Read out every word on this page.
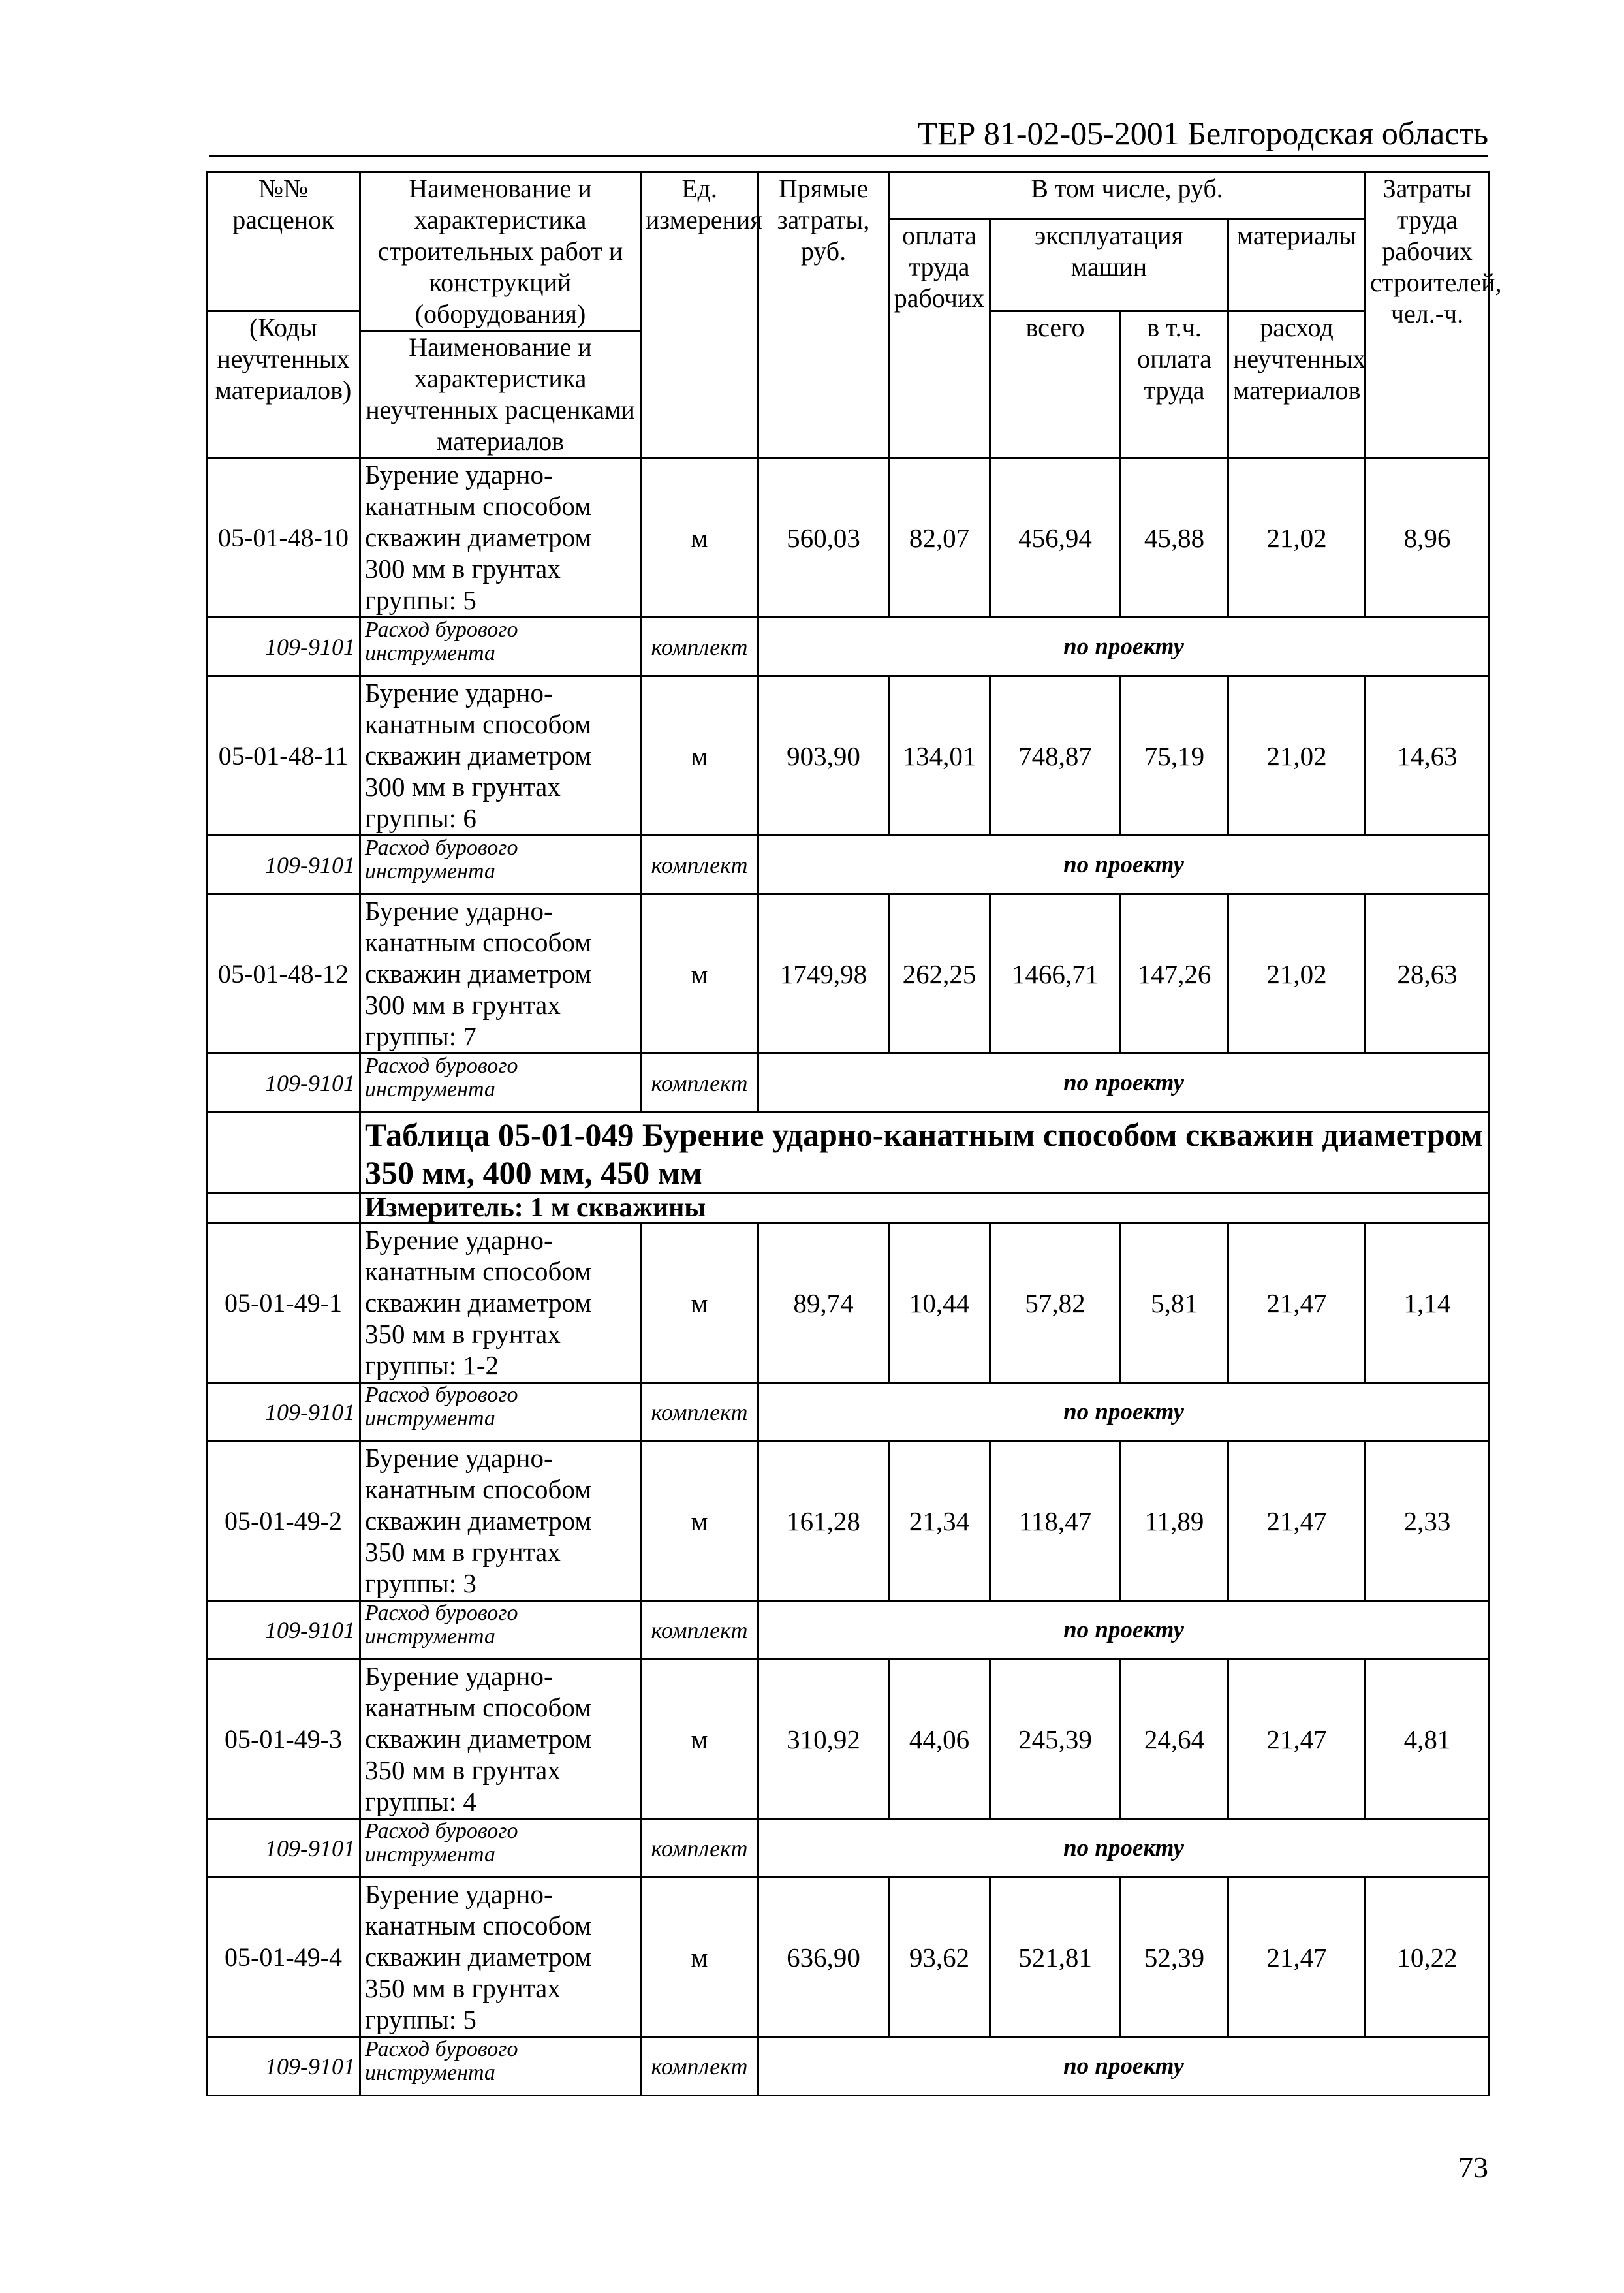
ТЕР 81-02-05-2001 Белгородская область
№№ расценок	Наименование и характеристика строительных работ и конструкций (оборудования)	Ед. измерения	Прямые затраты, руб.	В том числе, руб.				Затраты труда рабочих строителей, чел.-ч.
				оплата труда рабочих	эксплуатация машин		материалы	
(Коды неучтенных материалов)					всего	в т.ч. оплата труда	расход неучтенных материалов	
	Наименование и характеристика неучтенных расценками материалов							

05-01-48-10	Бурение ударно-канатным способом скважин диаметром 300 мм в грунтах группы: 5	м	560,03	82,07	456,94	45,88	21,02	8,96
109-9101	Расход бурового инструмента	комплект	по проекту					
05-01-48-11	Бурение ударно-канатным способом скважин диаметром 300 мм в грунтах группы: 6	м	903,90	134,01	748,87	75,19	21,02	14,63
109-9101	Расход бурового инструмента	комплект	по проекту					
05-01-48-12	Бурение ударно-канатным способом скважин диаметром 300 мм в грунтах группы: 7	м	1749,98	262,25	1466,71	147,26	21,02	28,63
109-9101	Расход бурового инструмента	комплект	по проекту					
	Таблица 05-01-049 Бурение ударно-канатным способом скважин диаметром 350 мм, 400 мм, 450 мм							
	Измеритель: 1 м скважины							
05-01-49-1	Бурение ударно-канатным способом скважин диаметром 350 мм в грунтах группы: 1-2	м	89,74	10,44	57,82	5,81	21,47	1,14
109-9101	Расход бурового инструмента	комплект	по проекту					
05-01-49-2	Бурение ударно-канатным способом скважин диаметром 350 мм в грунтах группы: 3	м	161,28	21,34	118,47	11,89	21,47	2,33
109-9101	Расход бурового инструмента	комплект	по проекту					
05-01-49-3	Бурение ударно-канатным способом скважин диаметром 350 мм в грунтах группы: 4	м	310,92	44,06	245,39	24,64	21,47	4,81
109-9101	Расход бурового инструмента	комплект	по проекту					
05-01-49-4	Бурение ударно-канатным способом скважин диаметром 350 мм в грунтах группы: 5	м	636,90	93,62	521,81	52,39	21,47	10,22
109-9101	Расход бурового инструмента	комплект	по проекту					
73
